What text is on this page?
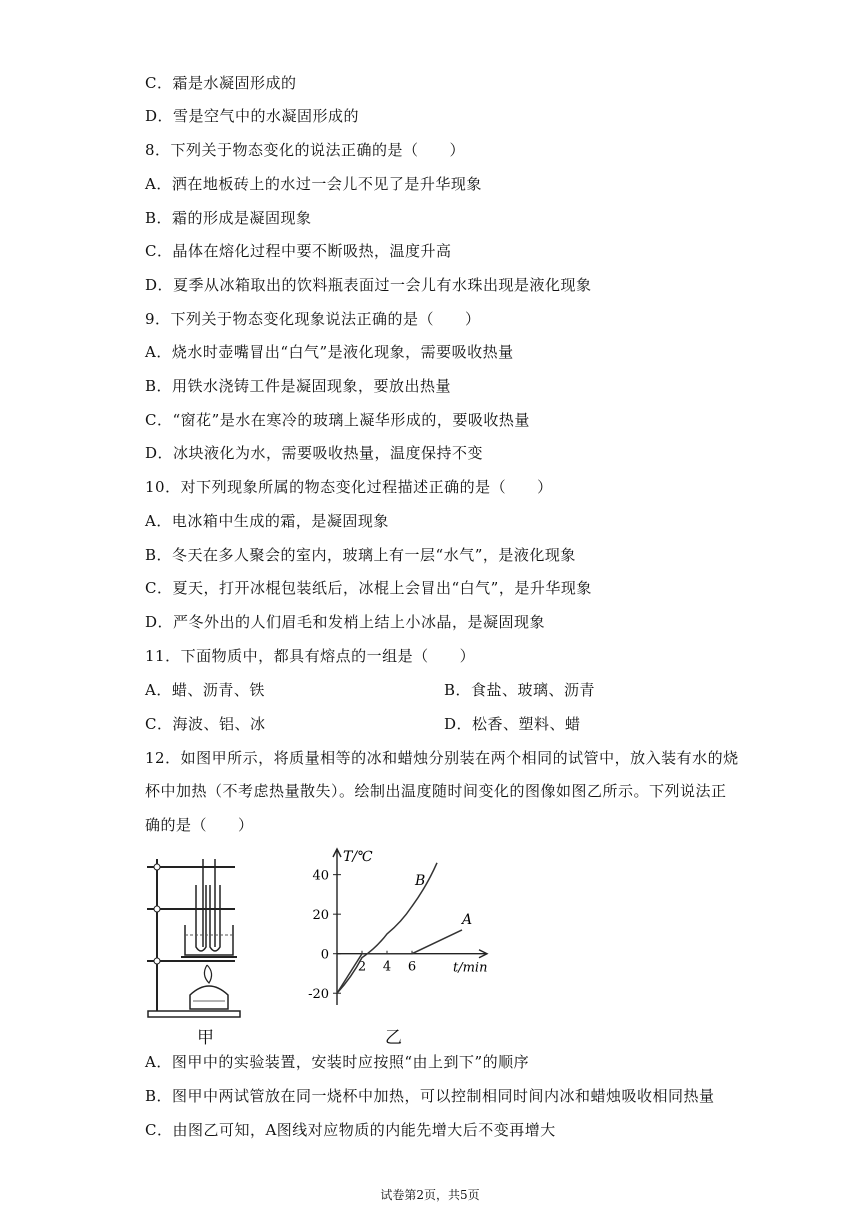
C．霜是水凝固形成的
D．雪是空气中的水凝固形成的
8．下列关于物态变化的说法正确的是（　　）
A．洒在地板砖上的水过一会儿不见了是升华现象
B．霜的形成是凝固现象
C．晶体在熔化过程中要不断吸热，温度升高
D．夏季从冰箱取出的饮料瓶表面过一会儿有水珠出现是液化现象
9．下列关于物态变化现象说法正确的是（　　）
A．烧水时壶嘴冒出“白气”是液化现象，需要吸收热量
B．用铁水浇铸工件是凝固现象，要放出热量
C．“窗花”是水在寒冷的玻璃上凝华形成的，要吸收热量
D．冰块液化为水，需要吸收热量，温度保持不变
10．对下列现象所属的物态变化过程描述正确的是（　　）
A．电冰箱中生成的霜，是凝固现象
B．冬天在多人聚会的室内，玻璃上有一层“水气”，是液化现象
C．夏天，打开冰棍包装纸后，冰棍上会冒出“白气”，是升华现象
D．严冬外出的人们眉毛和发梢上结上小冰晶，是凝固现象
11．下面物质中，都具有熔点的一组是（　　）
A．蜡、沥青、铁	B．食盐、玻璃、沥青
C．海波、铝、冰	D．松香、塑料、蜡
12．如图甲所示，将质量相等的冰和蜡烛分别装在两个相同的试管中，放入装有水的烧
杯中加热（不考虑热量散失）。绘制出温度随时间变化的图像如图乙所示。下列说法正
确的是（　　）
甲
T/℃
t/min
40
20
0
-20
2 4 6
A
B
乙
A．图甲中的实验装置，安装时应按照“由上到下”的顺序
B．图甲中两试管放在同一烧杯中加热，可以控制相同时间内冰和蜡烛吸收相同热量
C．由图乙可知，A图线对应物质的内能先增大后不变再增大
试卷第2页，共5页
